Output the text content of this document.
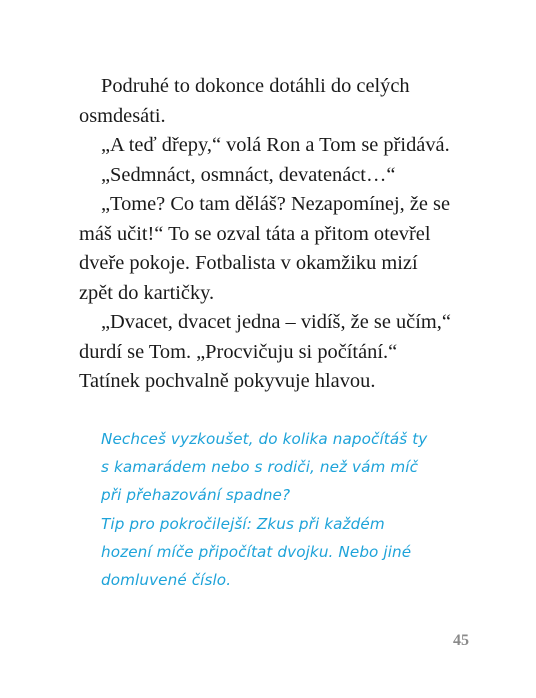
Podruhé to dokonce dotáhli do celých
osmdesáti.
„A teď dřepy,“ volá Ron a Tom se přidává.
„Sedmnáct, osmnáct, devatenáct…“
„Tome? Co tam děláš? Nezapomínej, že se
máš učit!“ To se ozval táta a přitom otevřel
dveře pokoje. Fotbalista v okamžiku mizí
zpět do kartičky.
„Dvacet, dvacet jedna – vidíš, že se učím,“
durdí se Tom. „Procvičuju si počítání.“
Tatínek pochvalně pokyvuje hlavou.
Nechceš vyzkoušet, do kolika napočítáš ty
s kamarádem nebo s rodiči, než vám míč
při přehazování spadne?
Tip pro pokročilejší: Zkus při každém
hození míče připočítat dvojku. Nebo jiné
domluvené číslo.
45
